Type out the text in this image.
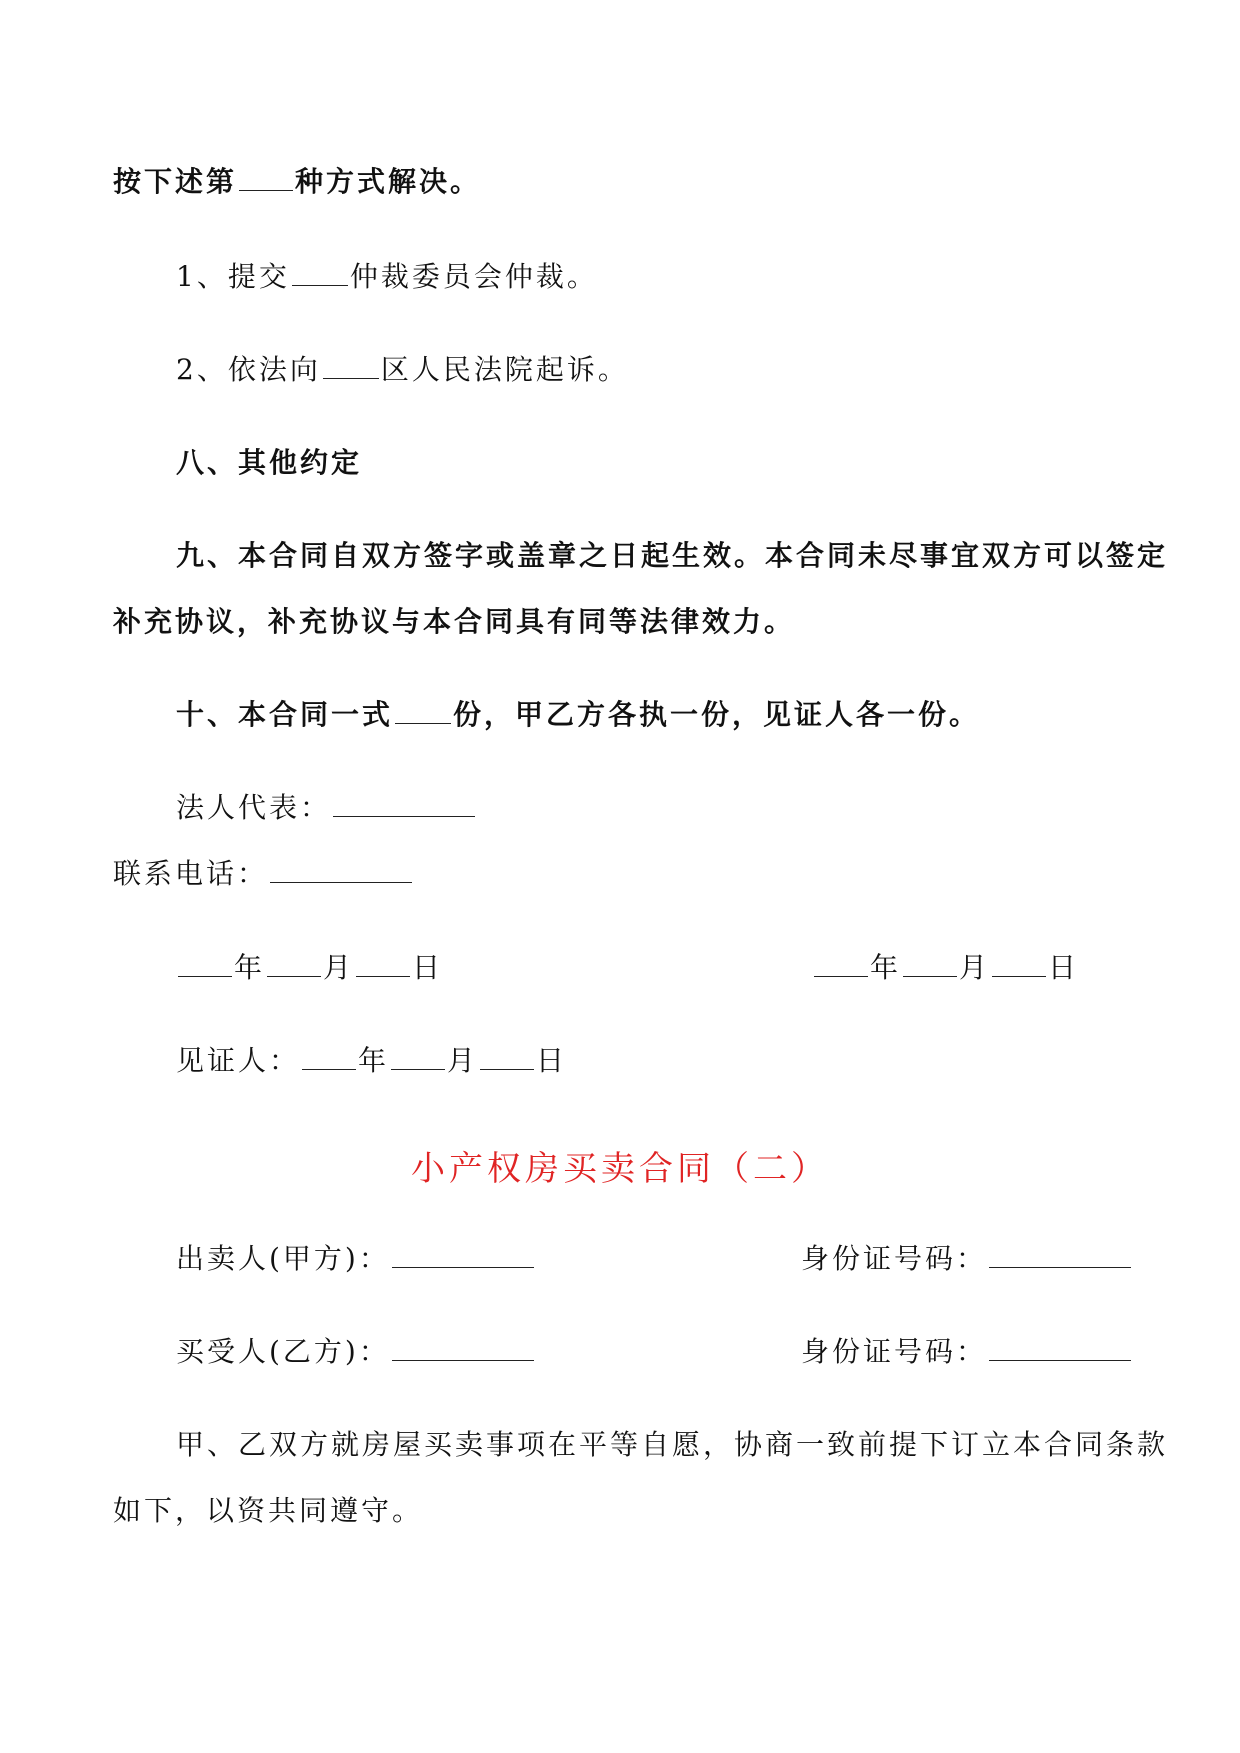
按下述第 种方式解决。
1、提交 仲裁委员会仲裁。
2、依法向 区人民法院起诉。
八、其他约定
九、本合同自双方签字或盖章之日起生效。本合同未尽事宜双方可以签定
补充协议，补充协议与本合同具有同等法律效力。
十、本合同一式 份，甲乙方各执一份，见证人各一份。
法人代表：
联系电话：
年 月 日	年 月 日
见证人： 年 月 日
小产权房买卖合同（二）
出卖人(甲方)：	身份证号码：
买受人(乙方)：	身份证号码：
甲、乙双方就房屋买卖事项在平等自愿，协商一致前提下订立本合同条款
如下，以资共同遵守。
